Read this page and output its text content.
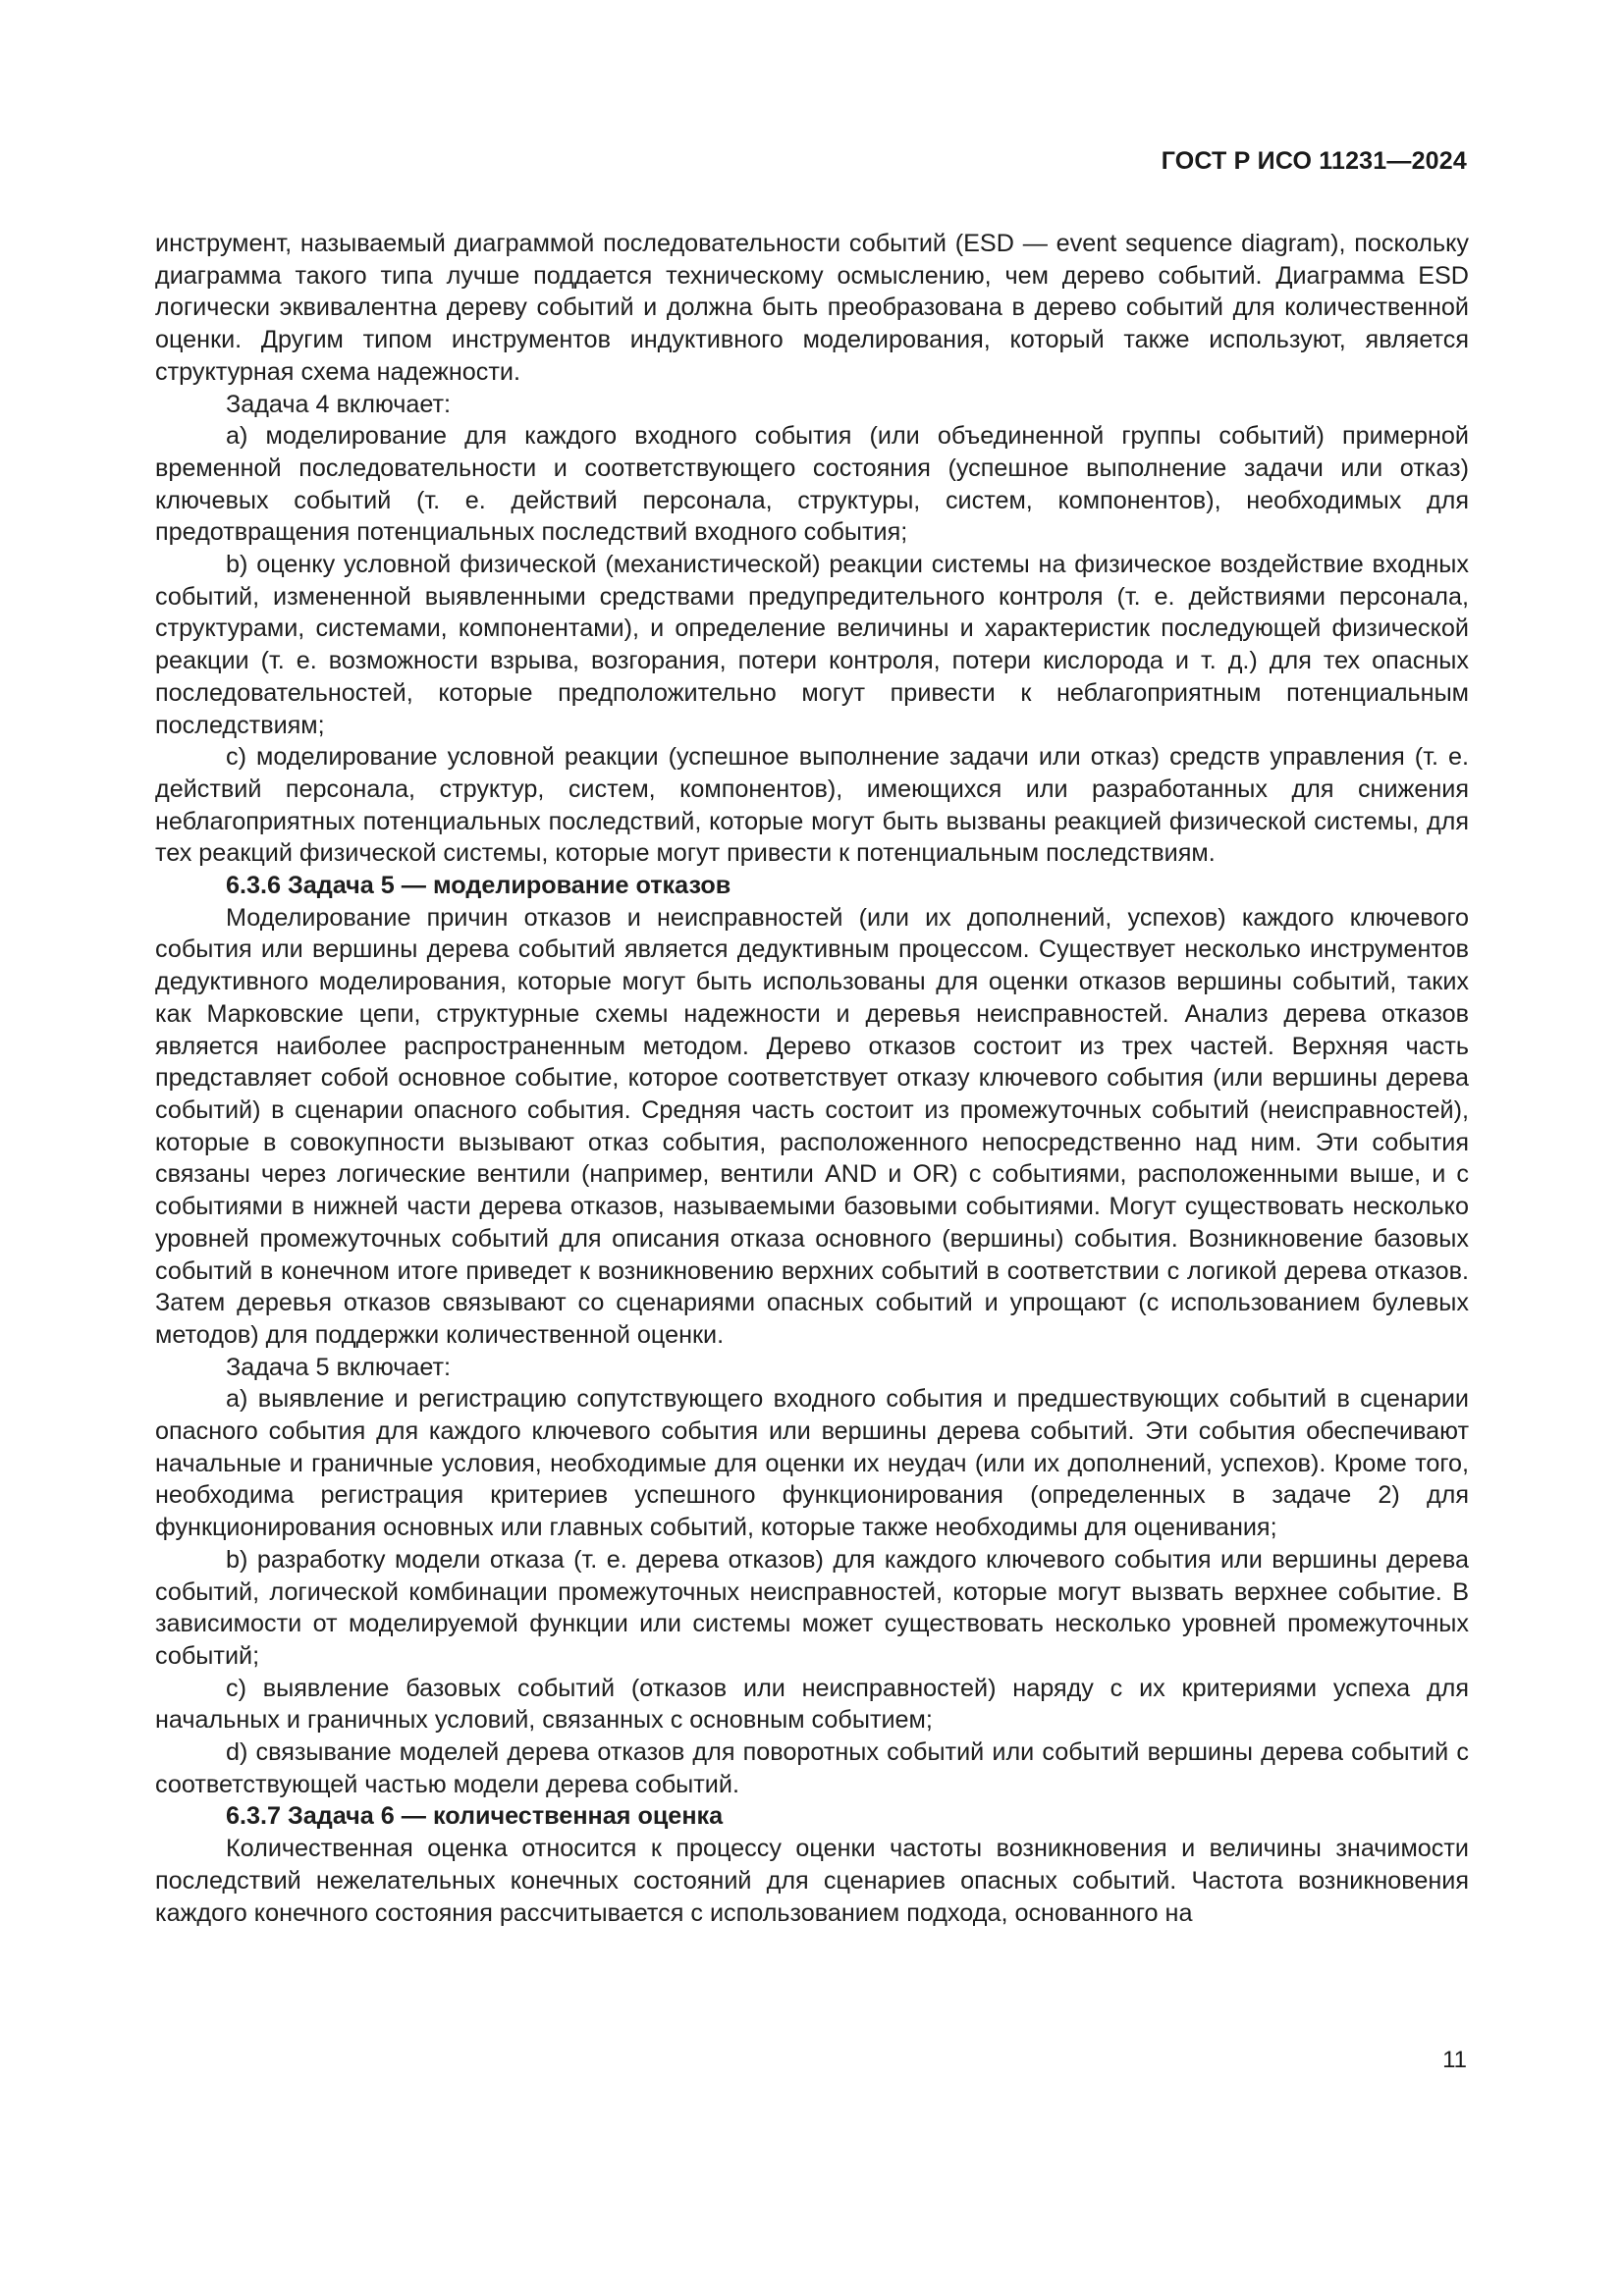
ГОСТ Р ИСО 11231—2024

инструмент, называемый диаграммой последовательности событий (ESD — event sequence diagram), поскольку диаграмма такого типа лучше поддается техническому осмыслению, чем дерево событий. Диаграмма ESD логически эквивалентна дереву событий и должна быть преобразована в дерево событий для количественной оценки. Другим типом инструментов индуктивного моделирования, который также используют, является структурная схема надежности.

Задача 4 включает:

a) моделирование для каждого входного события (или объединенной группы событий) примерной временной последовательности и соответствующего состояния (успешное выполнение задачи или отказ) ключевых событий (т. е. действий персонала, структуры, систем, компонентов), необходимых для предотвращения потенциальных последствий входного события;

b) оценку условной физической (механистической) реакции системы на физическое воздействие входных событий, измененной выявленными средствами предупредительного контроля (т. е. действиями персонала, структурами, системами, компонентами), и определение величины и характеристик последующей физической реакции (т. е. возможности взрыва, возгорания, потери контроля, потери кислорода и т. д.) для тех опасных последовательностей, которые предположительно могут привести к неблагоприятным потенциальным последствиям;

c) моделирование условной реакции (успешное выполнение задачи или отказ) средств управления (т. е. действий персонала, структур, систем, компонентов), имеющихся или разработанных для снижения неблагоприятных потенциальных последствий, которые могут быть вызваны реакцией физической системы, для тех реакций физической системы, которые могут привести к потенциальным последствиям.

6.3.6 Задача 5 — моделирование отказов

Моделирование причин отказов и неисправностей (или их дополнений, успехов) каждого ключевого события или вершины дерева событий является дедуктивным процессом. Существует несколько инструментов дедуктивного моделирования, которые могут быть использованы для оценки отказов вершины событий, таких как Марковские цепи, структурные схемы надежности и деревья неисправностей. Анализ дерева отказов является наиболее распространенным методом. Дерево отказов состоит из трех частей. Верхняя часть представляет собой основное событие, которое соответствует отказу ключевого события (или вершины дерева событий) в сценарии опасного события. Средняя часть состоит из промежуточных событий (неисправностей), которые в совокупности вызывают отказ события, расположенного непосредственно над ним. Эти события связаны через логические вентили (например, вентили AND и OR) с событиями, расположенными выше, и с событиями в нижней части дерева отказов, называемыми базовыми событиями. Могут существовать несколько уровней промежуточных событий для описания отказа основного (вершины) события. Возникновение базовых событий в конечном итоге приведет к возникновению верхних событий в соответствии с логикой дерева отказов. Затем деревья отказов связывают со сценариями опасных событий и упрощают (с использованием булевых методов) для поддержки количественной оценки.

Задача 5 включает:

a) выявление и регистрацию сопутствующего входного события и предшествующих событий в сценарии опасного события для каждого ключевого события или вершины дерева событий. Эти события обеспечивают начальные и граничные условия, необходимые для оценки их неудач (или их дополнений, успехов). Кроме того, необходима регистрация критериев успешного функционирования (определенных в задаче 2) для функционирования основных или главных событий, которые также необходимы для оценивания;

b) разработку модели отказа (т. е. дерева отказов) для каждого ключевого события или вершины дерева событий, логической комбинации промежуточных неисправностей, которые могут вызвать верхнее событие. В зависимости от моделируемой функции или системы может существовать несколько уровней промежуточных событий;

c) выявление базовых событий (отказов или неисправностей) наряду с их критериями успеха для начальных и граничных условий, связанных с основным событием;

d) связывание моделей дерева отказов для поворотных событий или событий вершины дерева событий с соответствующей частью модели дерева событий.

6.3.7 Задача 6 — количественная оценка

Количественная оценка относится к процессу оценки частоты возникновения и величины значимости последствий нежелательных конечных состояний для сценариев опасных событий. Частота возникновения каждого конечного состояния рассчитывается с использованием подхода, основанного на

11
